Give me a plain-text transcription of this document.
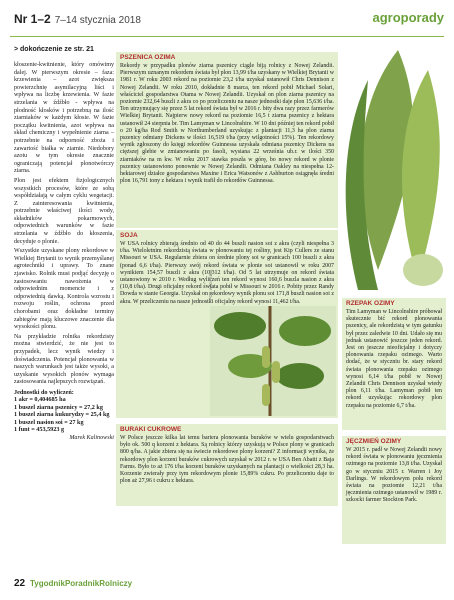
Nr 1–2 7–14 stycznia 2018	agroporady
> dokończenie ze str. 21

kłoszenie-kwitnienie, który omówimy dalej. W pierwszym okresie – faza: krzewienia – azot zwiększa powierzchnię asymilacyjną liści i wpływa na liczbę krzewienia. W fazie strzelania w źdźbło - wpływa na płodność kłosków i potrzebną na ilość ziarniaków w każdym kłosie. W fazie początku kwitnienia, azot wpływa na skład chemiczny i wypełnienie ziarna – potrzebnie na odporność zboża i zawartość białka w ziarnie. Niedobory azotu w tym okresie znacznie ograniczają potencjał plonotwórczy ziarna.

Plon jest efektem fizjologicznych wszystkich procesów, które ze sobą współdziałają w całym cyklu wegetacji. Z zainteresowania kwitnienia, potrzebnie właściwej ilości wody, składników pokarmowych, odpowiednich warunków w fazie strzelania w źdźbło do kłoszenia, decyduje o plonie.

Wszystkie uzyskane plony rekordowe w Wielkiej Brytanii to wynik przemyślanej agrotechniki i uprawy. To znane zjawisko. Rolnik musi podjąć decyzję o zastosowaniu nawożenia w odpowiednim momencie i z odpowiednią dawką. Kontrola wzrostu i rozwoju roślin, ochrona przed chorobami oraz dokładne terminy zabiegów mają kluczowe znaczenie dla wysokości plonu.

Na przykładzie rolnika rekordzisty można stwierdzić, że nie jest to przypadek, lecz wynik wiedzy i doświadczenia. Potencjał plonowania w naszych warunkach jest także wysoki, a uzyskanie wysokich plonów wymaga zastosowania najlepszych rozwiązań.

Jednostki do wyliczeń:
1 akr = 0,404685 ha
1 buszel ziarna pszenicy = 27,2 kg
1 buszel ziarna kukurydzy = 25,4 kg
1 buszel nasion soi = 27 kg
1 funt = 453,5923 g
Marek Kalinowski
PSZENICA OZIMA

Rekordy w przypadku plonów ziarna pszenicy ciągle biją rolnicy z Nowej Zelandii. Pierwszym uznanym rekordem świata był plon 13,99 t/ha uzyskany w Wielkiej Brytanii w 1981 r. W roku 2003 rekord na poziomie 23,2 t/ha uzyskał ustanowił Chris Dennison z Nowej Zelandii. W roku 2010, dokładnie 8 marca, ten rekord pobił Michael Solari, właściciel gospodarstwa Otama w Nowej Zelandii. Uzyskał on plon ziarna pszenicy na poziomie 232,64 buszli z akra co po przeliczeniu na nasze jednostki daje plon 15,636 t/ha. Ten utrzymujący się przez 5 lat rekord świata był w 2016 r. bity dwa razy przez farmerów Wielkiej Brytanii. Najpierw nowy rekord na poziomie 16,5 t ziarna pszenicy z hektara ustanowił 24 sierpnia br. Tim Lamyman w Lincolnshire. W 10 dni później ten rekord pobił o 20 kg/ha Rod Smith w Northumberland uzyskując z plantacji 11,3 ha plon ziarna pszenicy odmiany Dickens w ilości 16,519 t/ha (przy wilgotności 15%). Ten rekordowy wynik zgłoszony do księgi rekordów Guinnessa uzyskała odmiana pszenicy Dickens na cięższej glebie w zmianowaniu po fasoli, wysiana 22 września ub.r. w ilości 350 ziarniaków na m kw. W roku 2017 stawka poszła w górę, bo nowy rekord w plonie pszenicy ustanowiono ponownie w Nowej Zelandii. Odmiana Oakley na niespełna 12-hektarowej działce gospodarstwa Maxine i Erica Watsonów z Ashburton osiągnęła średni plon 16,791 tony z hektara i wynik trafił do rekordów Guinnessa.

SOJA

W USA rolnicy zbierają średnio od 40 do 44 buszli nasion soi z akra (czyli niespełna 3 t/ha. Wieloletnim rekordzistą świata w plonowaniu tej rośliny, jest Kip Cullers ze stanu Missouri w USA. Regularnie zbiera on średnie plony soi w granicach 100 buszli z akra (ponad 6,6 t/ha). Pierwszy swój rekord świata w plonie soi ustanowił w roku 2007 wynikiem 154,57 buszli z akra (10,312 t/ha). Od 5 lat utrzymuje on rekord świata ustanowiony w 2010 r. Według wyliczeń ten rekord wynosi 160,6 buszla nasion z akra (10,8 t/ha). Drugi oficjalny rekord świata pobił w Missouri w 2016 r. Pobity przez Randy Dowda w stanie Georgia. Uzyskał on rekordowy wynik plonu soi 171,8 buszli nasion soi z akra. W przeliczeniu na nasze jednostki oficjalny rekord wynosi 11,462 t/ha.

FOT. WIKIPEDIA
BURAKI CUKROWE

W Polsce jeszcze kilka lat temu bariera plonowania buraków w wielu gospodarstwach było ok. 500 q korzeni z hektara. Są rolnicy którzy uzyskują w Polsce plony w granicach 800 q/ha. A jakie zbiera się na świecie rekordowe plony korzeni? Z informacji wynika, że rekordowy plon korzeni buraków cukrowych uzyskał w 2012 r. w USA Ben Abatti z Baja Farms. Było to aż 176 t/ha korzeni buraków uzyskanych na plantacji o wielkości 28,3 ha. Korzenie zwierały przy tym rekordowym plonie 15,89% cukru. Po przeliczeniu daje to plon aż 27,96 t cukru z hektara.

RZEPAK OZIMY

Tim Lamyman w Lincolnshire próbował skutecznie bić rekord plonowania pszenicy, ale rekordzistą w tym gatunku był przez zaledwie 10 dni. Udało się mu jednak ustanowić jeszcze jeden rekord. Jest on jeszcze nieoficjalny i dotyczy plonowania rzepaku ozimego. Warto dodać, że w styczniu br. stary rekord świata plonowania rzepaku ozimego wynosi 6,14 t/ha pobił w Nowej Zelandii Chris Dennison uzyskał wtedy plon 6,11 t/ha. Lamyman pobił ten rekord uzyskując rekordowy plon rzepaku na poziomie 6,7 t/ha.

JĘCZMIEŃ OZIMY

W 2015 r. padł w Nowej Zelandii nowy rekord świata w plonowaniu jęczmienia ozimego na poziomie 13,8 t/ha. Uzyskał go w styczniu 2015 r. Warren i Joy Darlings. W rekordowym polu rekord świata na poziomie 12,21 t/ha jęczmienia ozimego ustanowił w 1989 r. szkocki farmer Stockton Park.

22 TygodnikPoradnikRolniczy
